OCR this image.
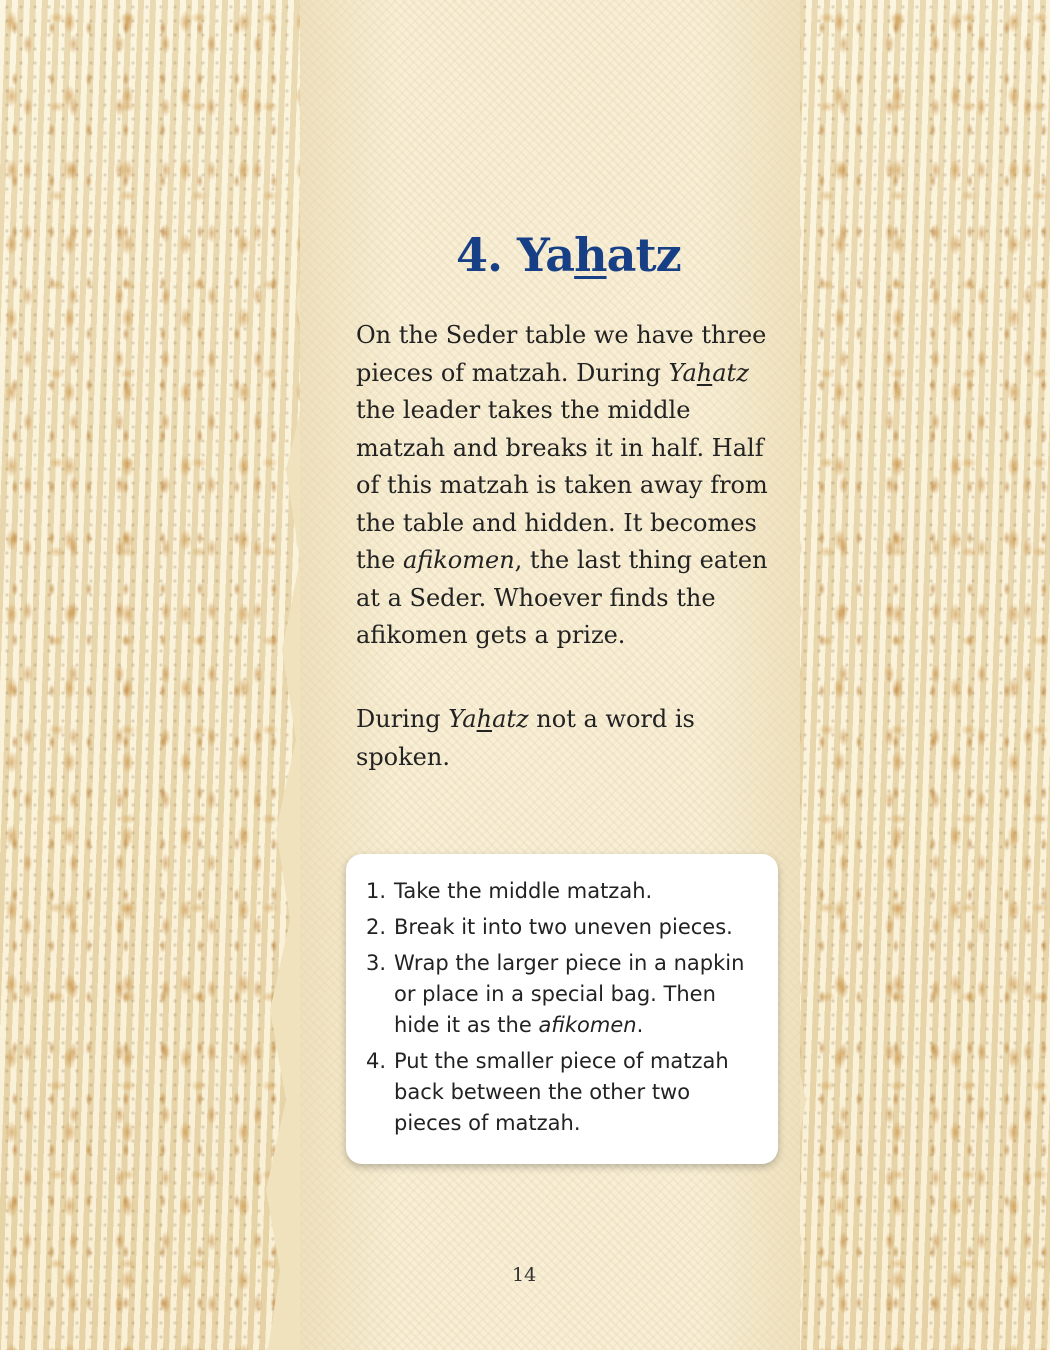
4. Yahatz

On the Seder table we have three pieces of matzah. During Yahatz the leader takes the middle matzah and breaks it in half. Half of this matzah is taken away from the table and hidden. It becomes the afikomen, the last thing eaten at a Seder. Whoever finds the afikomen gets a prize.

During Yahatz not a word is spoken.

1. Take the middle matzah.
2. Break it into two uneven pieces.
3. Wrap the larger piece in a napkin or place in a special bag. Then hide it as the afikomen.
4. Put the smaller piece of matzah back between the other two pieces of matzah.
14
